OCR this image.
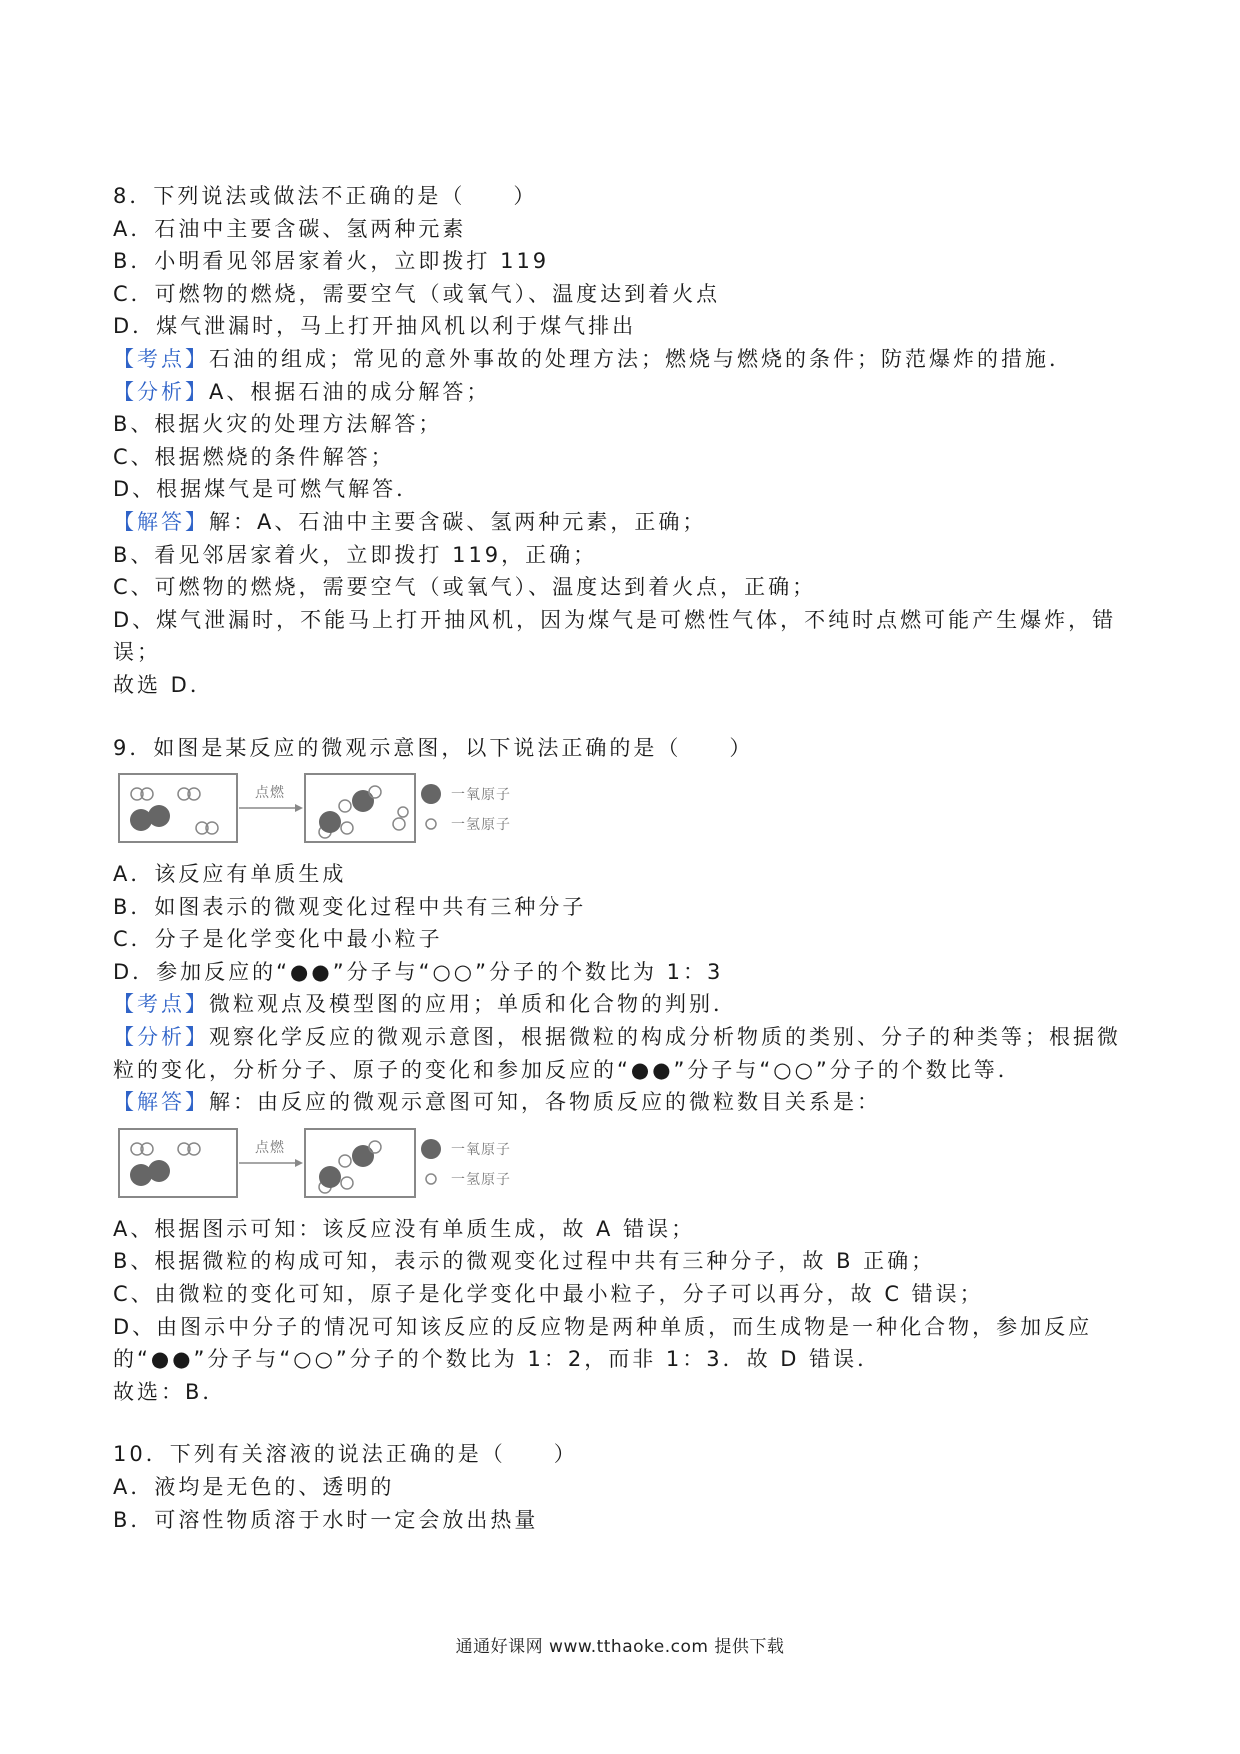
8．下列说法或做法不正确的是（　　）
A．石油中主要含碳、氢两种元素
B．小明看见邻居家着火，立即拨打 119
C．可燃物的燃烧，需要空气（或氧气）、温度达到着火点
D．煤气泄漏时，马上打开抽风机以利于煤气排出
【考点】石油的组成；常见的意外事故的处理方法；燃烧与燃烧的条件；防范爆炸的措施．
【分析】A、根据石油的成分解答；
B、根据火灾的处理方法解答；
C、根据燃烧的条件解答；
D、根据煤气是可燃气解答．
【解答】解：A、石油中主要含碳、氢两种元素，正确；
B、看见邻居家着火，立即拨打 119，正确；
C、可燃物的燃烧，需要空气（或氧气）、温度达到着火点，正确；
D、煤气泄漏时，不能马上打开抽风机，因为煤气是可燃性气体，不纯时点燃可能产生爆炸，错误；
故选 D．
9．如图是某反应的微观示意图，以下说法正确的是（　　）
点燃	一氧原子
一氢原子
A．该反应有单质生成
B．如图表示的微观变化过程中共有三种分子
C．分子是化学变化中最小粒子
D．参加反应的“●●”分子与“○○”分子的个数比为 1：3
【考点】微粒观点及模型图的应用；单质和化合物的判别．
【分析】观察化学反应的微观示意图，根据微粒的构成分析物质的类别、分子的种类等；根据微粒的变化，分析分子、原子的变化和参加反应的“●●”分子与“○○”分子的个数比等．
【解答】解：由反应的微观示意图可知，各物质反应的微粒数目关系是：
点燃	一氧原子
一氢原子
A、根据图示可知：该反应没有单质生成，故 A 错误；
B、根据微粒的构成可知，表示的微观变化过程中共有三种分子，故 B 正确；
C、由微粒的变化可知，原子是化学变化中最小粒子，分子可以再分，故 C 错误；
D、由图示中分子的情况可知该反应的反应物是两种单质，而生成物是一种化合物，参加反应的“●●”分子与“○○”分子的个数比为 1：2，而非 1：3．故 D 错误．
故选：B．
10．下列有关溶液的说法正确的是（　　）
A．液均是无色的、透明的
B．可溶性物质溶于水时一定会放出热量
通通好课网 www.tthaoke.com 提供下载
